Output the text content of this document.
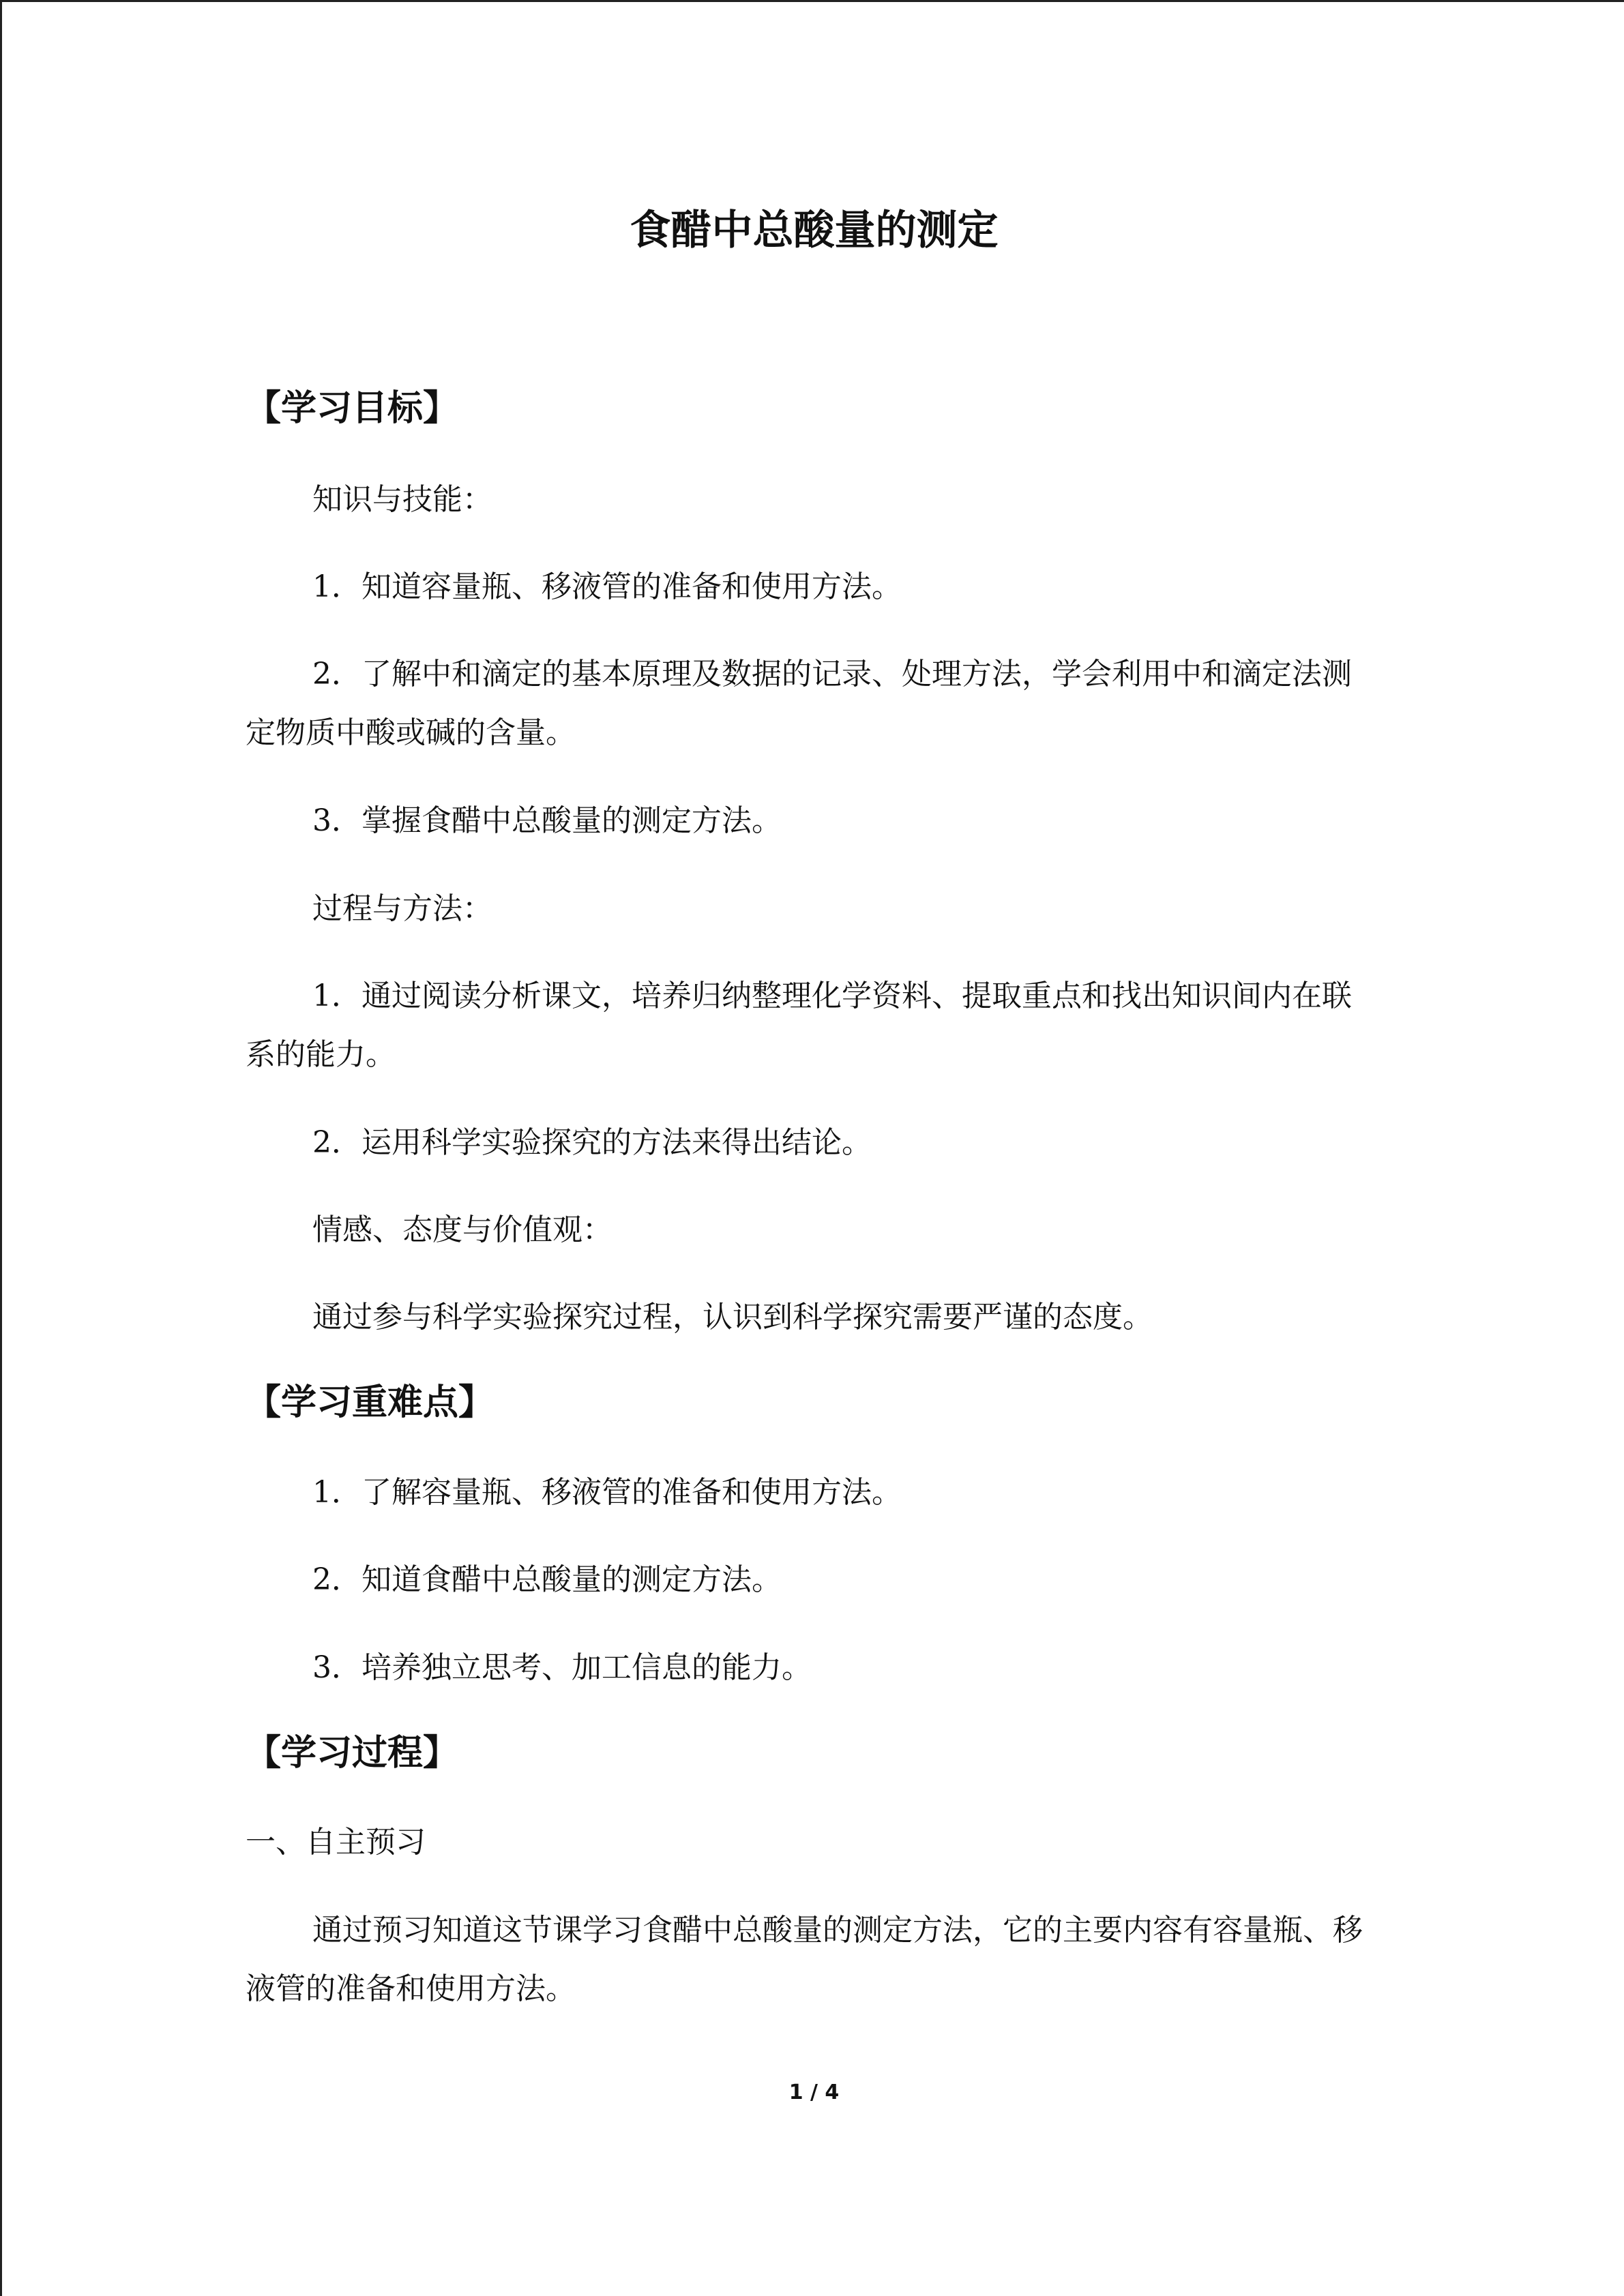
食醋中总酸量的测定
【学习目标】

知识与技能：

1．知道容量瓶、移液管的准备和使用方法。

2．了解中和滴定的基本原理及数据的记录、处理方法，学会利用中和滴定法测定物质中酸或碱的含量。

3．掌握食醋中总酸量的测定方法。

过程与方法：

1．通过阅读分析课文，培养归纳整理化学资料、提取重点和找出知识间内在联系的能力。

2．运用科学实验探究的方法来得出结论。

情感、态度与价值观：

通过参与科学实验探究过程，认识到科学探究需要严谨的态度。

【学习重难点】

1．了解容量瓶、移液管的准备和使用方法。

2．知道食醋中总酸量的测定方法。

3．培养独立思考、加工信息的能力。

【学习过程】

一、自主预习

通过预习知道这节课学习食醋中总酸量的测定方法，它的主要内容有容量瓶、移液管的准备和使用方法。

1 / 4
